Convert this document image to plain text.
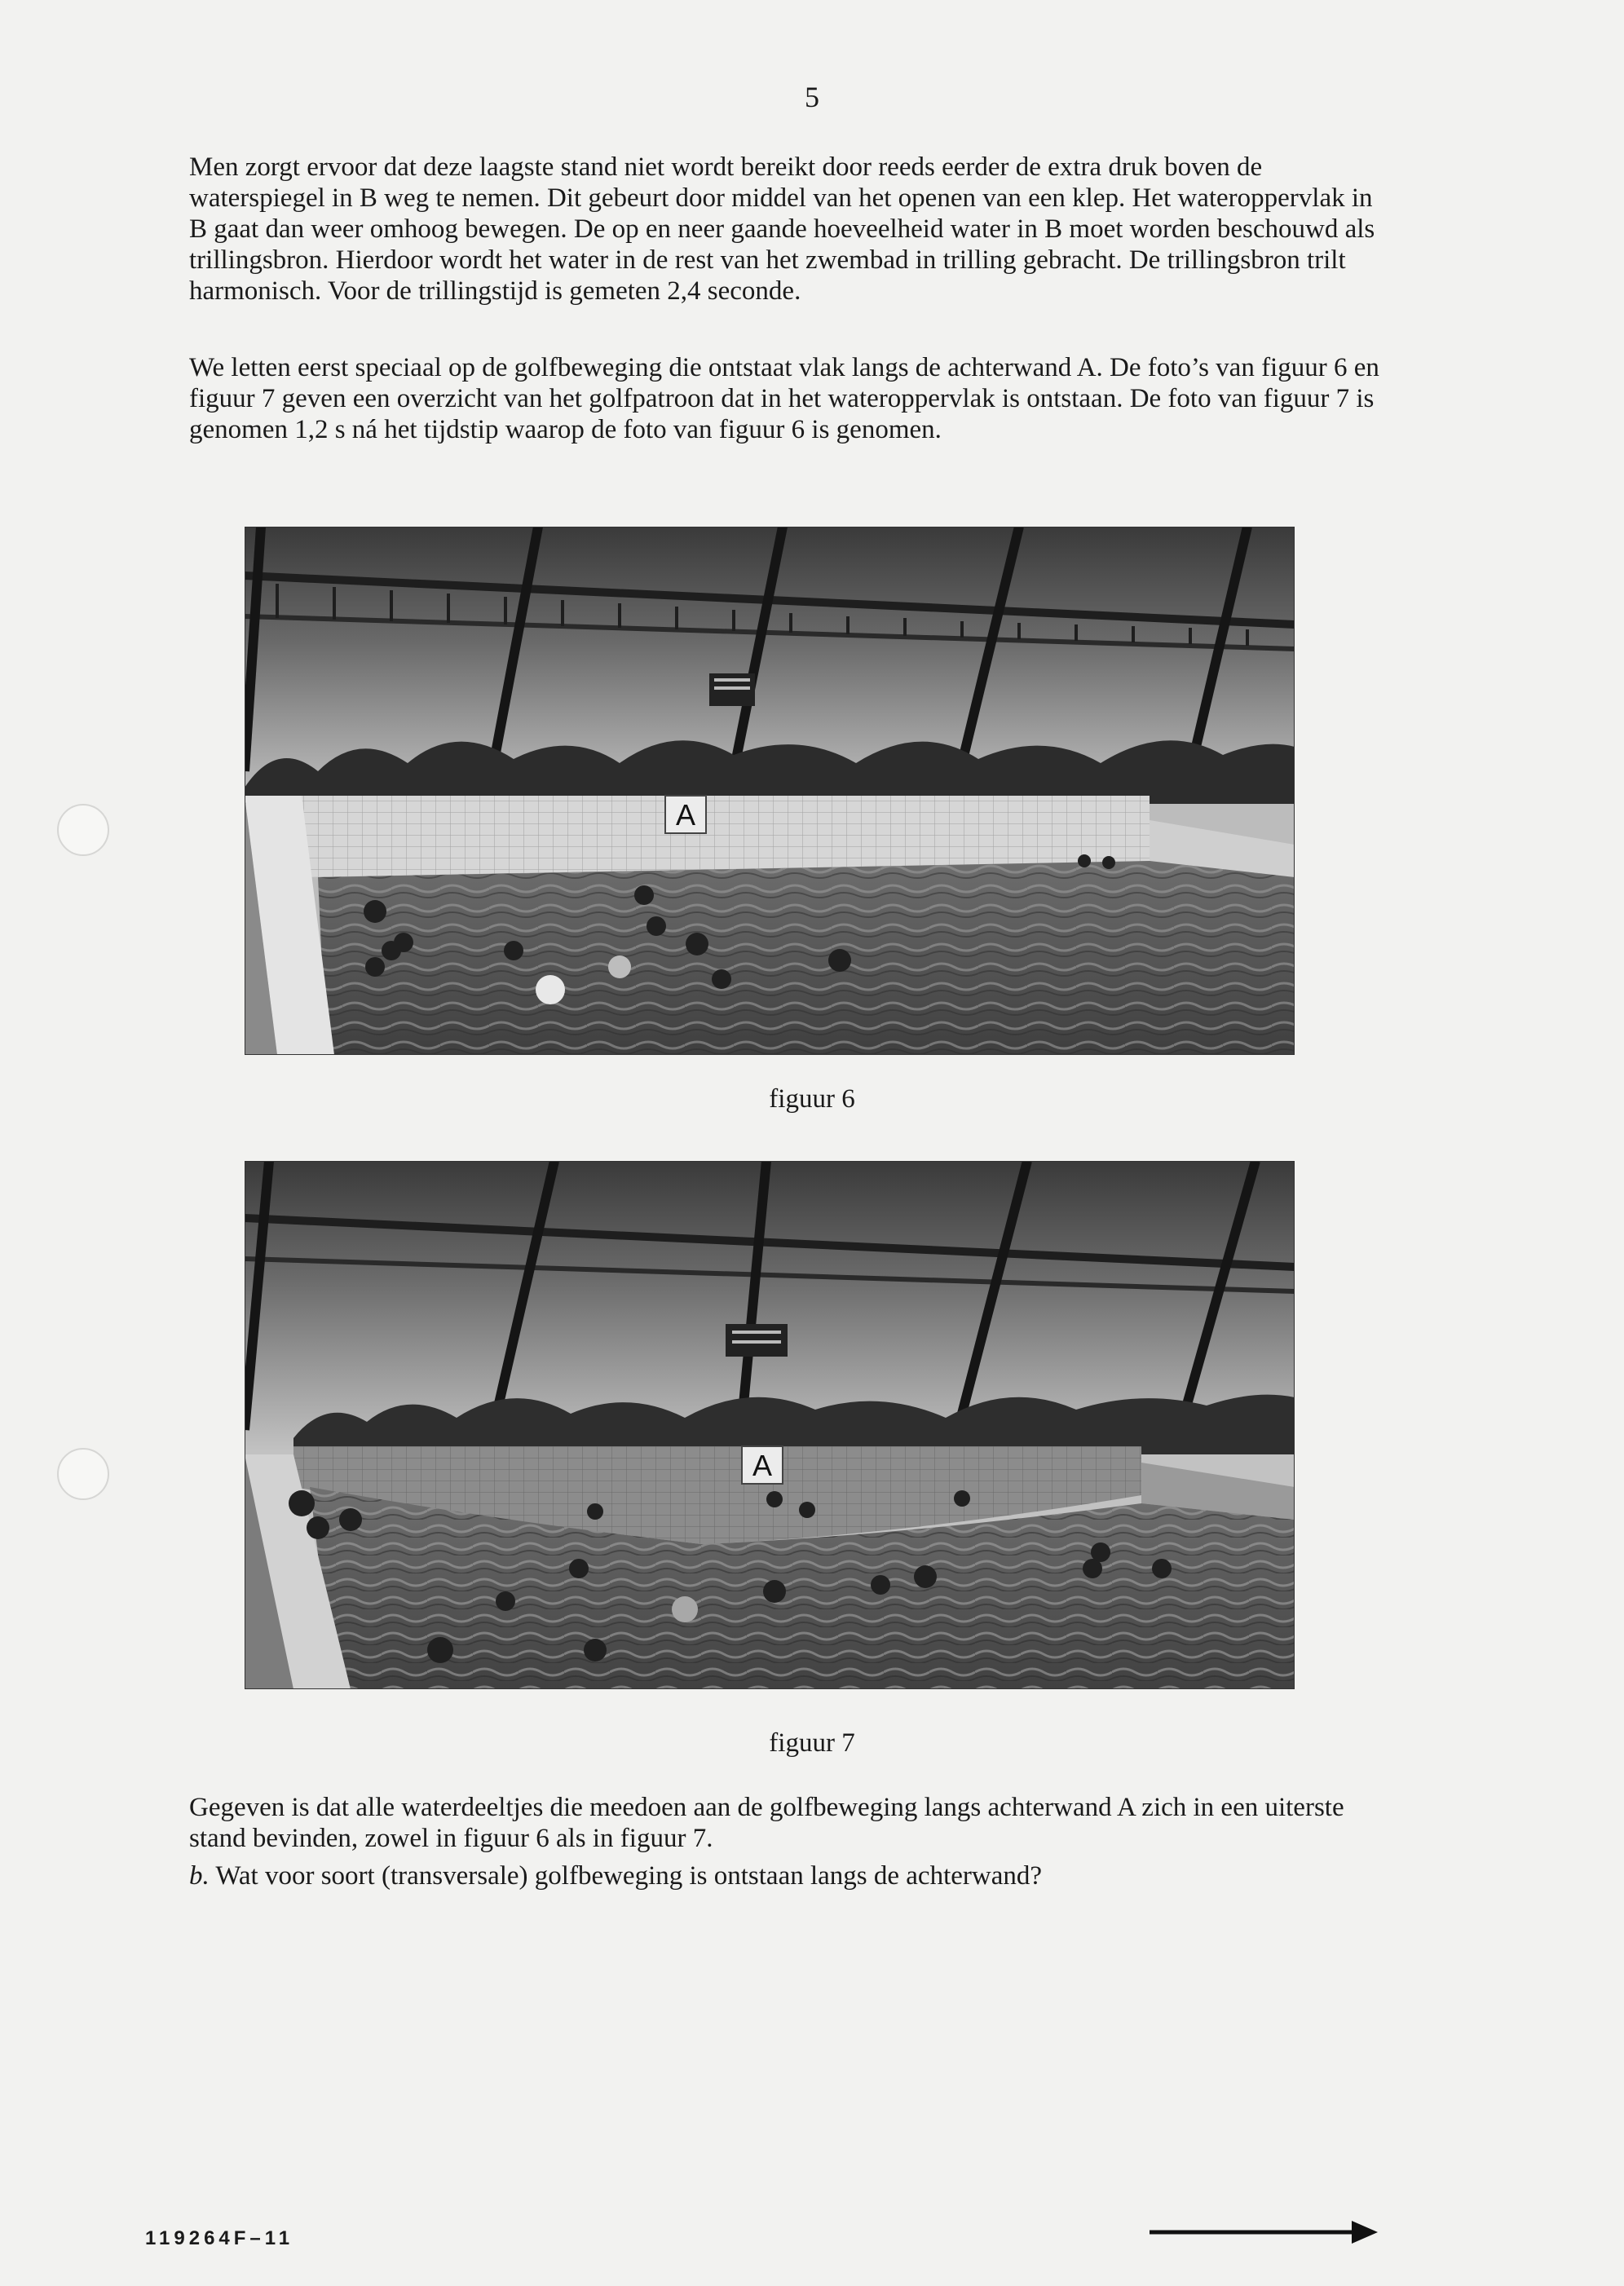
5

Men zorgt ervoor dat deze laagste stand niet wordt bereikt door reeds eerder de extra druk boven de waterspiegel in B weg te nemen. Dit gebeurt door middel van het openen van een klep. Het wateroppervlak in B gaat dan weer omhoog bewegen. De op en neer gaande hoeveelheid water in B moet worden beschouwd als trillingsbron. Hierdoor wordt het water in de rest van het zwembad in trilling gebracht. De trillingsbron trilt harmonisch. Voor de trillingstijd is gemeten 2,4 seconde.

We letten eerst speciaal op de golfbeweging die ontstaat vlak langs de achterwand A. De foto’s van figuur 6 en figuur 7 geven een overzicht van het golfpatroon dat in het wateroppervlak is ontstaan. De foto van figuur 7 is genomen 1,2 s ná het tijdstip waarop de foto van figuur 6 is genomen.

A
figuur 6
A
figuur 7

Gegeven is dat alle waterdeeltjes die meedoen aan de golfbeweging langs achterwand A zich in een uiterste stand bevinden, zowel in figuur 6 als in figuur 7.

b. Wat voor soort (transversale) golfbeweging is ontstaan langs de achterwand?

119264F–11
